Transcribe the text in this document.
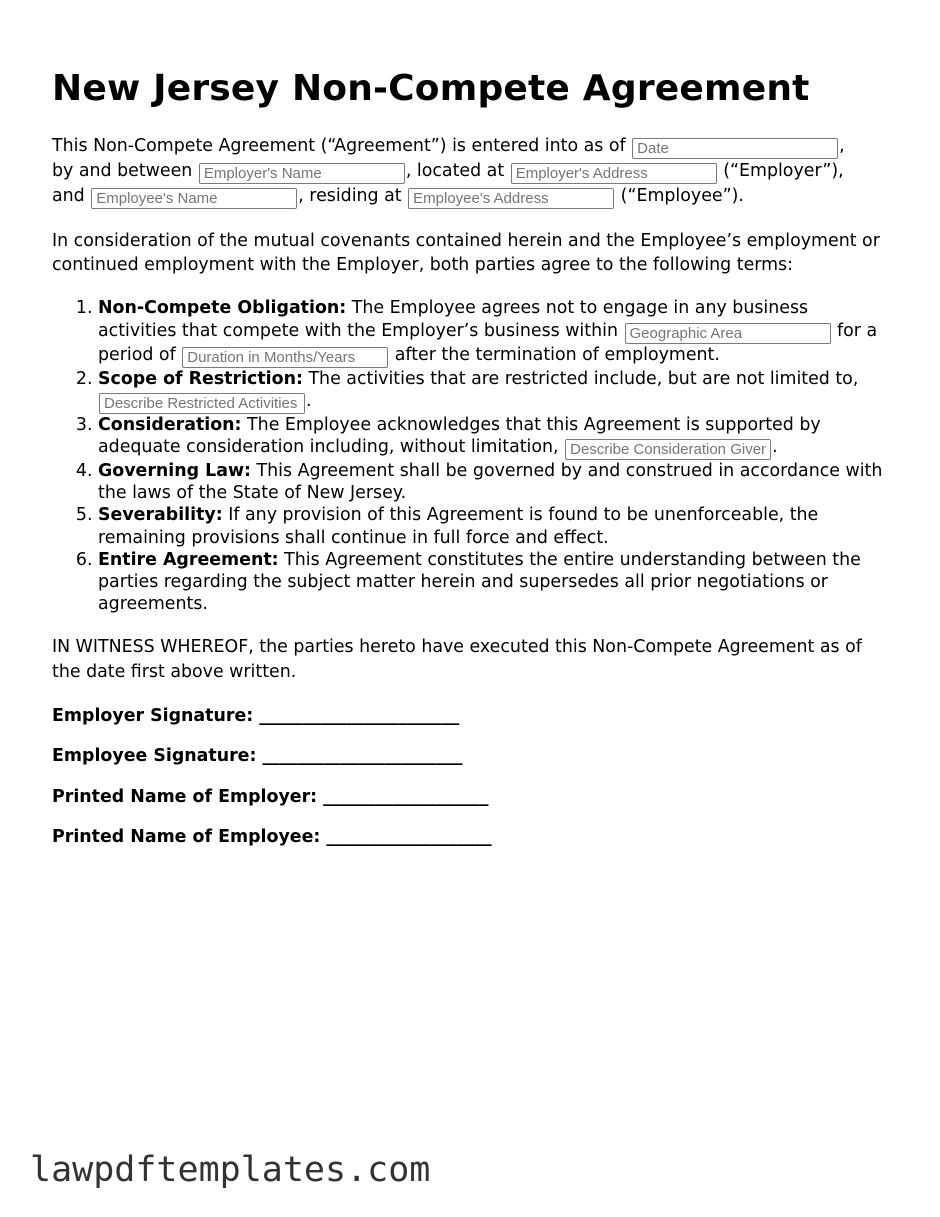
New Jersey Non-Compete Agreement
This Non-Compete Agreement (“Agreement”) is entered into as of Date	,
by and between Employer's Name	, located at Employer's Address	(“Employer”),
and Employee's Name	, residing at Employee's Address	(“Employee”).
In consideration of the mutual covenants contained herein and the Employee’s employment or continued employment with the Employer, both parties agree to the following terms:
1. Non-Compete Obligation: The Employee agrees not to engage in any business activities that compete with the Employer’s business within Geographic Area	for a period of Duration in Months/Years	after the termination of employment.
2. Scope of Restriction: The activities that are restricted include, but are not limited to, Describe Restricted Activities.
3. Consideration: The Employee acknowledges that this Agreement is supported by adequate consideration including, without limitation, Describe Consideration Given	.
4. Governing Law: This Agreement shall be governed by and construed in accordance with the laws of the State of New Jersey.
5. Severability: If any provision of this Agreement is found to be unenforceable, the remaining provisions shall continue in full force and effect.
6. Entire Agreement: This Agreement constitutes the entire understanding between the parties regarding the subject matter herein and supersedes all prior negotiations or agreements.
IN WITNESS WHEREOF, the parties hereto have executed this Non-Compete Agreement as of the date first above written.
Employer Signature: _______________________
Employee Signature: _______________________
Printed Name of Employer: ___________________
Printed Name of Employee: ___________________
lawpdftemplates.com
